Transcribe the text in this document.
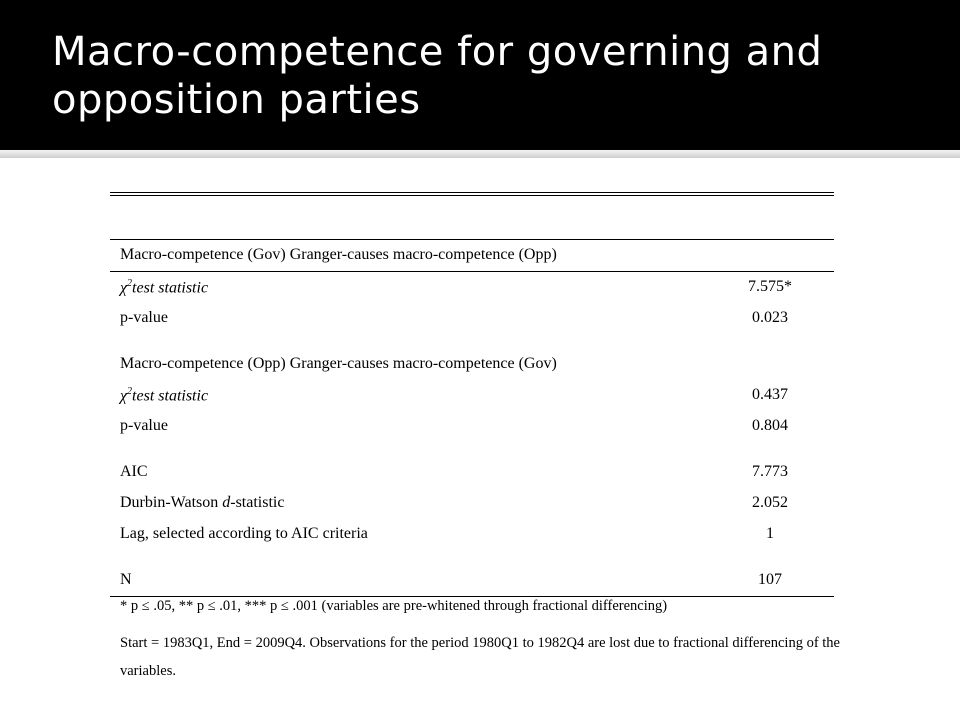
Macro-competence for governing and opposition parties
Macro-competence (Gov) Granger-causes macro-competence (Opp)
$\chi^2test$ statistic	7.575*
p-value	0.023
Macro-competence (Opp) Granger-causes macro-competence (Gov)
$\chi^2test$ statistic	0.437
p-value	0.804
AIC	7.773
Durbin-Watson d-statistic	2.052
Lag, selected according to AIC criteria	1
N	107

* p ≤ .05, ** p ≤ .01, *** p ≤ .001 (variables are pre-whitened through fractional differencing)

Start = 1983Q1, End = 2009Q4. Observations for the period 1980Q1 to 1982Q4 are lost due to fractional differencing of the variables.
